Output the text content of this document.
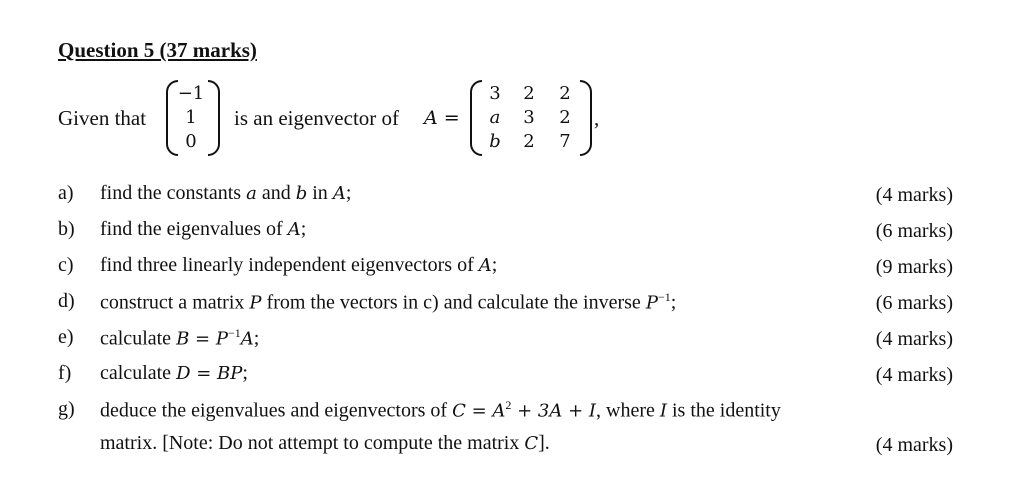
Question 5 (37 marks)
Given that
−1
1
0
is an eigenvector of A =
3	2	2
a	3	2
b	2	7
,
a) find the constants a and b in A;	(4 marks)
b) find the eigenvalues of A;	(6 marks)
c) find three linearly independent eigenvectors of A;	(9 marks)
d) construct a matrix P from the vectors in c) and calculate the inverse $P^{-1}$;	(6 marks)
e) calculate $B = P^{-1}A$;	(4 marks)
f) calculate D = BP;	(4 marks)
g) deduce the eigenvalues and eigenvectors of $C = A^2 + 3A + I$, where I is the identity
matrix. [Note: Do not attempt to compute the matrix C].	(4 marks)
